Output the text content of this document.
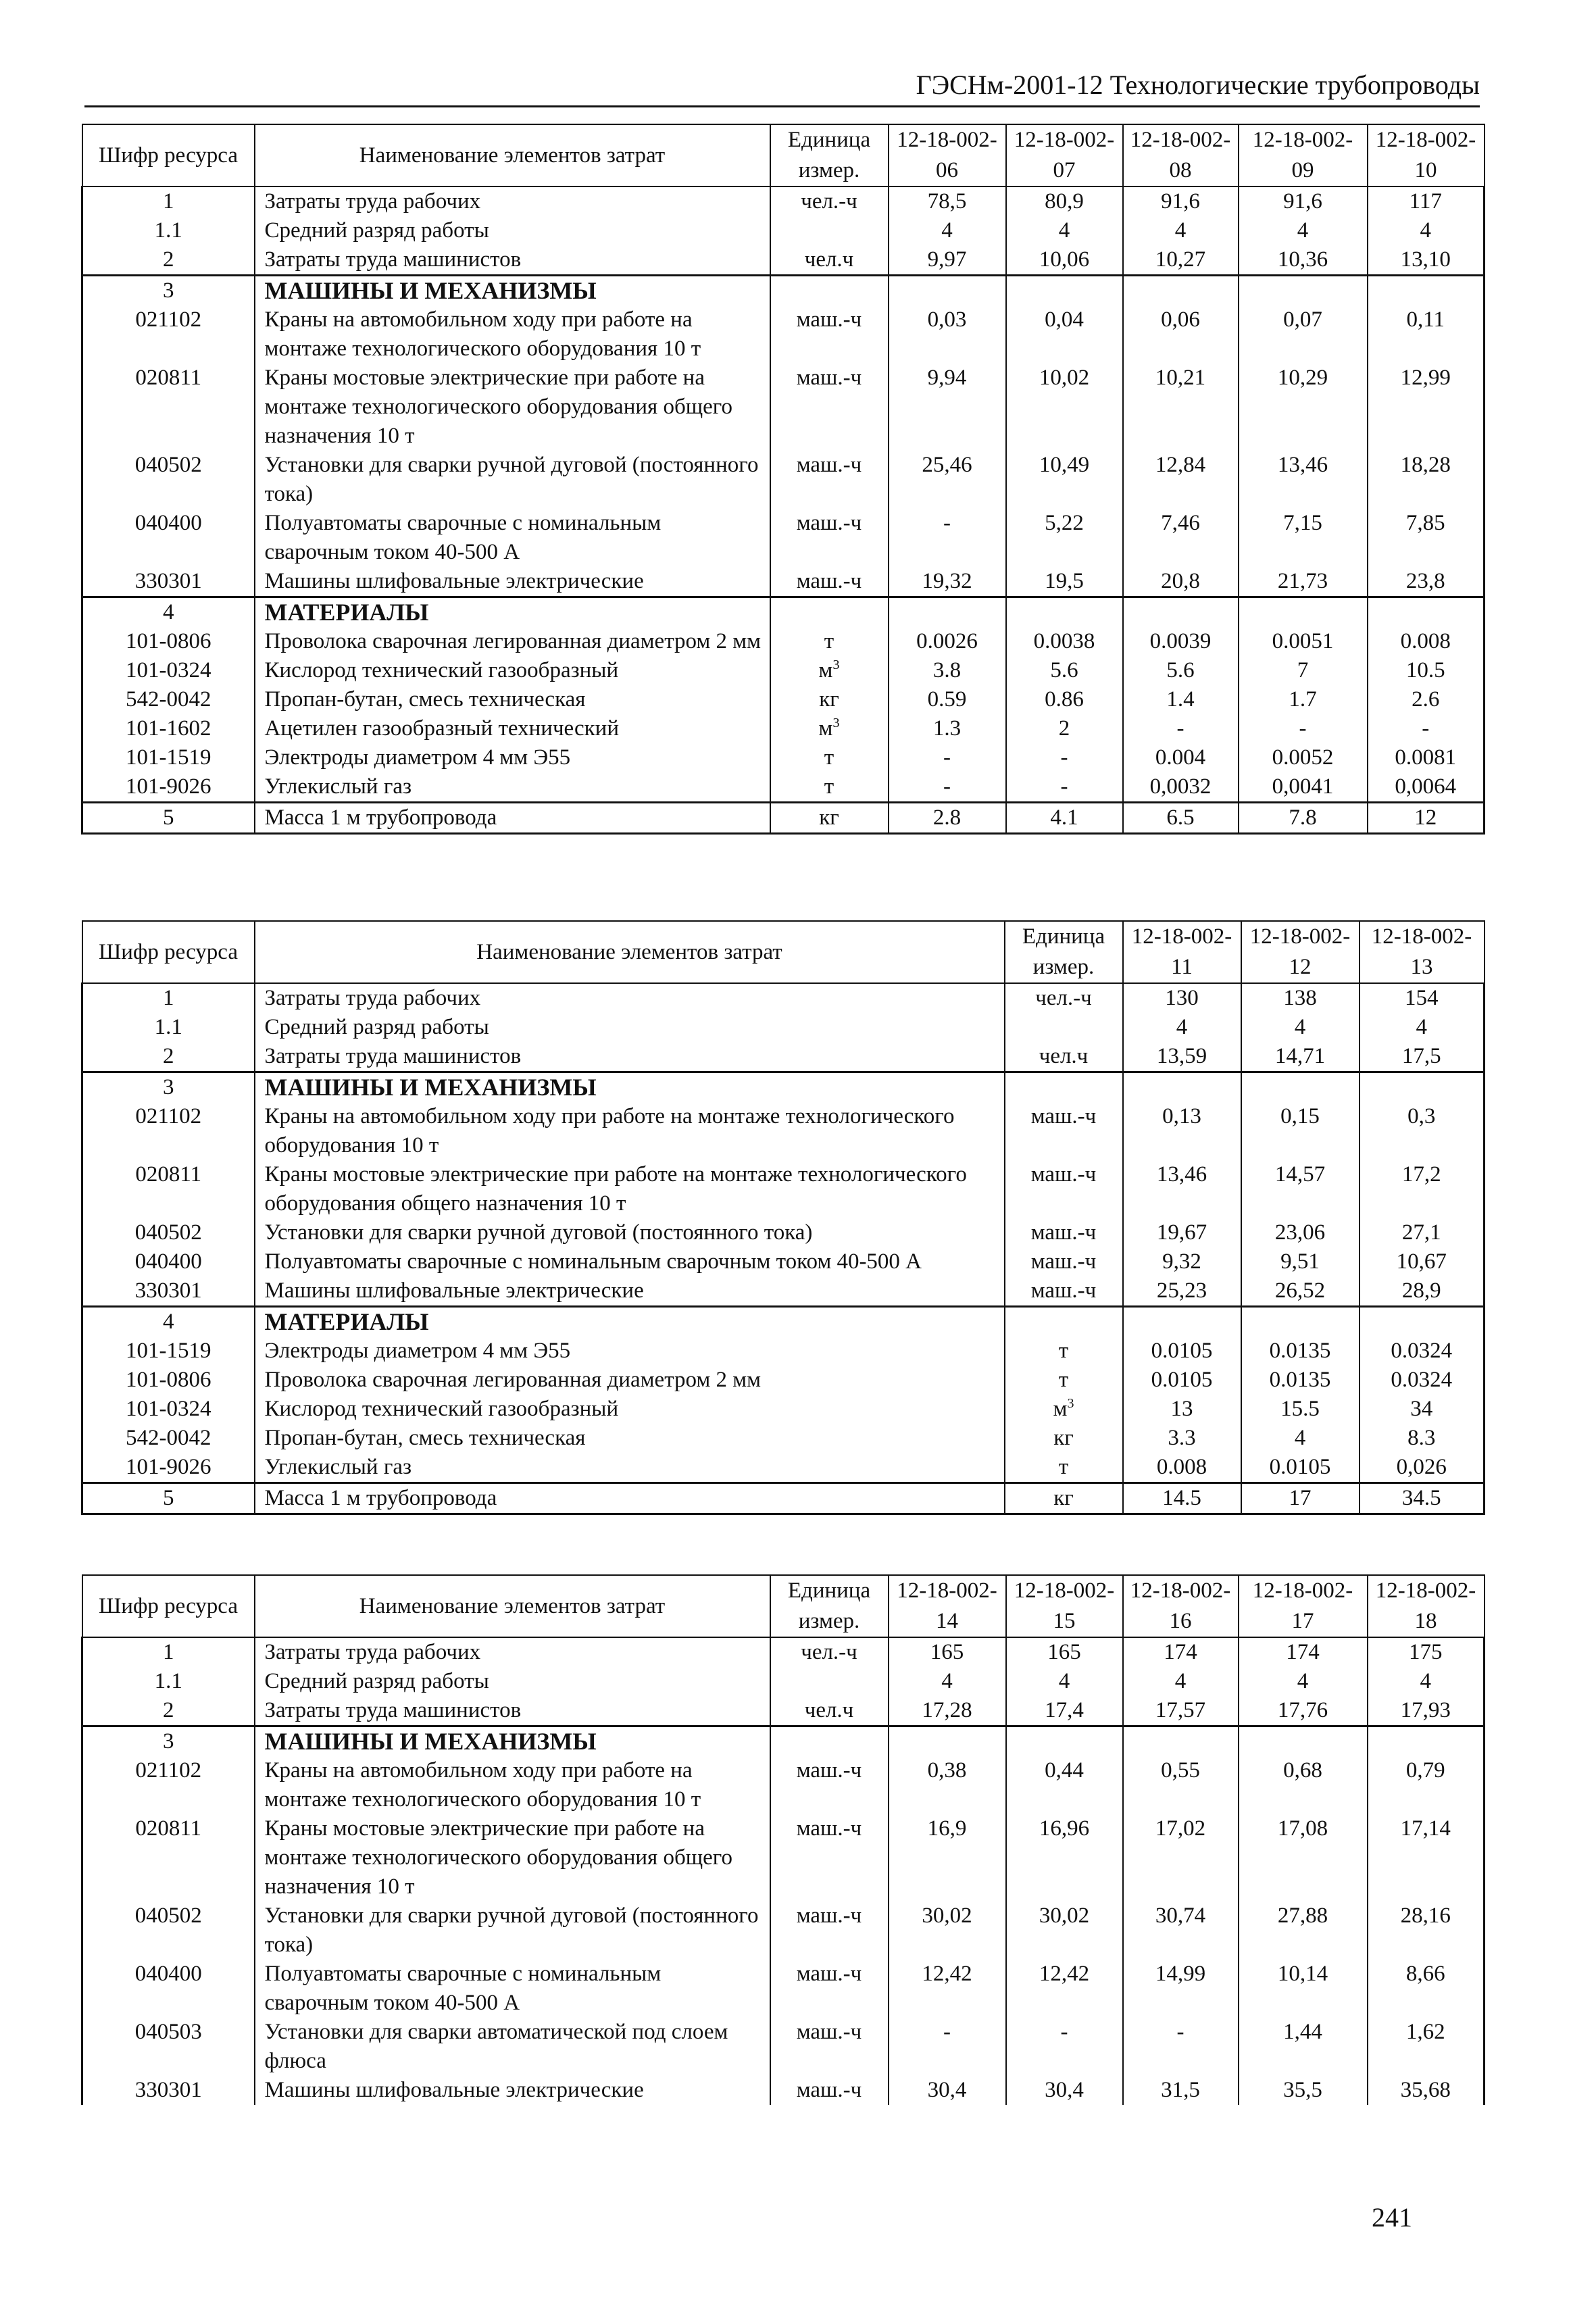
ГЭСНм-2001-12 Технологические трубопроводы
Шифр ресурса	Наименование элементов затрат	Единица измер.	12-18-002-06	12-18-002-07	12-18-002-08	12-18-002-09	12-18-002-10
1	Затраты труда рабочих	чел.-ч	78,5	80,9	91,6	91,6	117
1.1	Средний разряд работы		4	4	4	4	4
2	Затраты труда машинистов	чел.ч	9,97	10,06	10,27	10,36	13,10
3	МАШИНЫ И МЕХАНИЗМЫ						
021102	Краны на автомобильном ходу при работе на монтаже технологического оборудования 10 т	маш.-ч	0,03	0,04	0,06	0,07	0,11
020811	Краны мостовые электрические при работе на монтаже технологического оборудования общего назначения 10 т	маш.-ч	9,94	10,02	10,21	10,29	12,99
040502	Установки для сварки ручной дуговой (постоянного тока)	маш.-ч	25,46	10,49	12,84	13,46	18,28
040400	Полуавтоматы сварочные с номинальным сварочным током 40-500 А	маш.-ч	-	5,22	7,46	7,15	7,85
330301	Машины шлифовальные электрические	маш.-ч	19,32	19,5	20,8	21,73	23,8
4	МАТЕРИАЛЫ						
101-0806	Проволока сварочная легированная диаметром 2 мм	т	0.0026	0.0038	0.0039	0.0051	0.008
101-0324	Кислород технический газообразный	$м^3$	3.8	5.6	5.6	7	10.5
542-0042	Пропан-бутан, смесь техническая	кг	0.59	0.86	1.4	1.7	2.6
101-1602	Ацетилен газообразный технический	$м^3$	1.3	2	-	-	-
101-1519	Электроды диаметром 4 мм Э55	т	-	-	0.004	0.0052	0.0081
101-9026	Углекислый газ	т	-	-	0,0032	0,0041	0,0064
5	Масса 1 м трубопровода	кг	2.8	4.1	6.5	7.8	12
Шифр ресурса	Наименование элементов затрат	Единица измер.	12-18-002-11	12-18-002-12	12-18-002-13
1	Затраты труда рабочих	чел.-ч	130	138	154
1.1	Средний разряд работы		4	4	4
2	Затраты труда машинистов	чел.ч	13,59	14,71	17,5
3	МАШИНЫ И МЕХАНИЗМЫ				
021102	Краны на автомобильном ходу при работе на монтаже технологического оборудования 10 т	маш.-ч	0,13	0,15	0,3
020811	Краны мостовые электрические при работе на монтаже технологического оборудования общего назначения 10 т	маш.-ч	13,46	14,57	17,2
040502	Установки для сварки ручной дуговой (постоянного тока)	маш.-ч	19,67	23,06	27,1
040400	Полуавтоматы сварочные с номинальным сварочным током 40-500 А	маш.-ч	9,32	9,51	10,67
330301	Машины шлифовальные электрические	маш.-ч	25,23	26,52	28,9
4	МАТЕРИАЛЫ				
101-1519	Электроды диаметром 4 мм Э55	т	0.0105	0.0135	0.0324
101-0806	Проволока сварочная легированная диаметром 2 мм	т	0.0105	0.0135	0.0324
101-0324	Кислород технический газообразный	$м^3$	13	15.5	34
542-0042	Пропан-бутан, смесь техническая	кг	3.3	4	8.3
101-9026	Углекислый газ	т	0.008	0.0105	0,026
5	Масса 1 м трубопровода	кг	14.5	17	34.5
Шифр ресурса	Наименование элементов затрат	Единица измер.	12-18-002-14	12-18-002-15	12-18-002-16	12-18-002-17	12-18-002-18
1	Затраты труда рабочих	чел.-ч	165	165	174	174	175
1.1	Средний разряд работы		4	4	4	4	4
2	Затраты труда машинистов	чел.ч	17,28	17,4	17,57	17,76	17,93
3	МАШИНЫ И МЕХАНИЗМЫ						
021102	Краны на автомобильном ходу при работе на монтаже технологического оборудования 10 т	маш.-ч	0,38	0,44	0,55	0,68	0,79
020811	Краны мостовые электрические при работе на монтаже технологического оборудования общего назначения 10 т	маш.-ч	16,9	16,96	17,02	17,08	17,14
040502	Установки для сварки ручной дуговой (постоянного тока)	маш.-ч	30,02	30,02	30,74	27,88	28,16
040400	Полуавтоматы сварочные с номинальным сварочным током 40-500 А	маш.-ч	12,42	12,42	14,99	10,14	8,66
040503	Установки для сварки автоматической под слоем флюса	маш.-ч	-	-	-	1,44	1,62
330301	Машины шлифовальные электрические	маш.-ч	30,4	30,4	31,5	35,5	35,68
241
